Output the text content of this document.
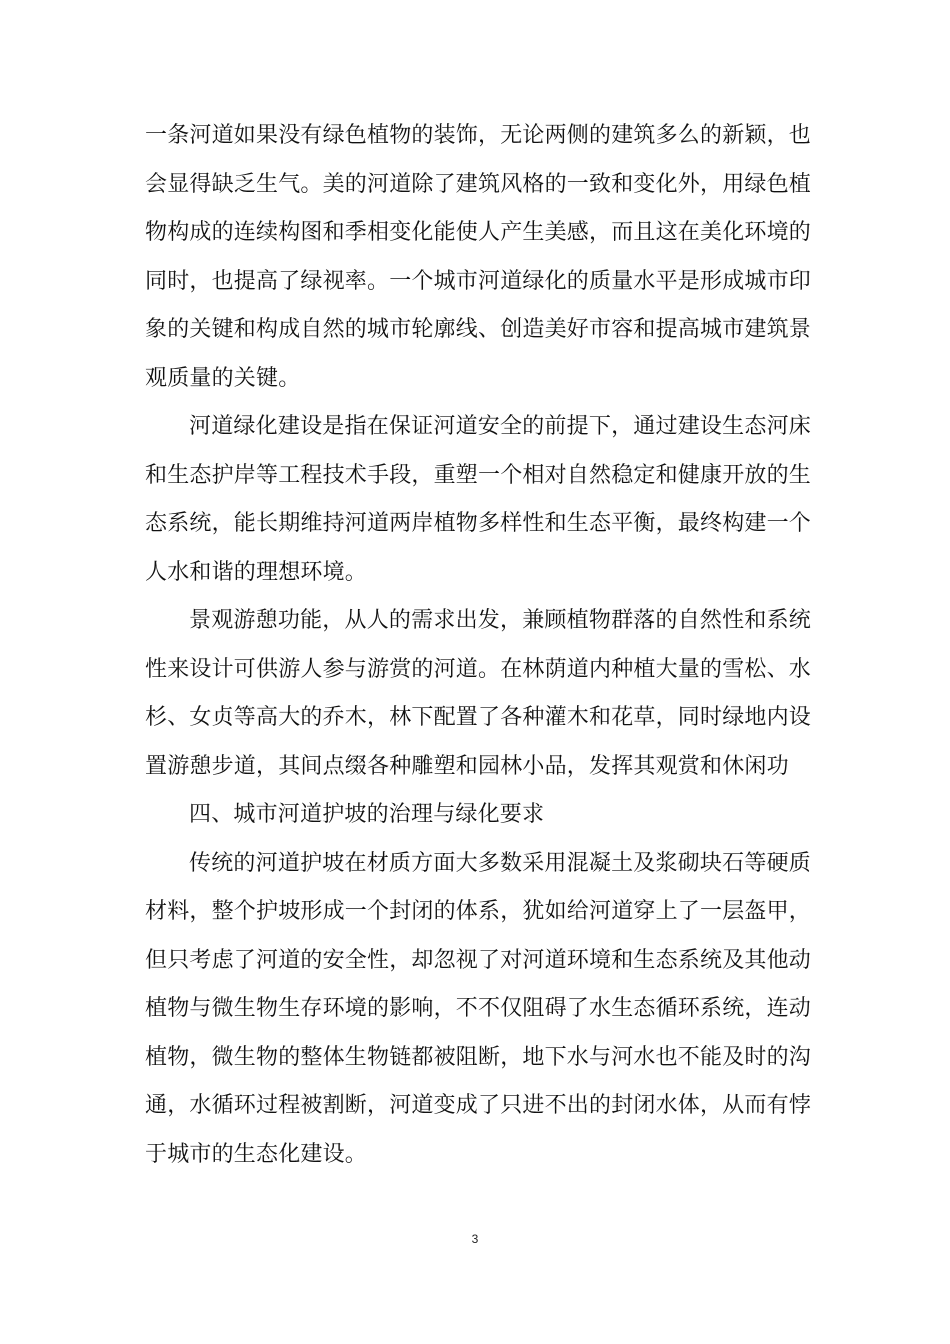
一条河道如果没有绿色植物的装饰，无论两侧的建筑多么的新颖，也会显得缺乏生气。美的河道除了建筑风格的一致和变化外，用绿色植物构成的连续构图和季相变化能使人产生美感，而且这在美化环境的同时，也提高了绿视率。一个城市河道绿化的质量水平是形成城市印象的关键和构成自然的城市轮廓线、创造美好市容和提高城市建筑景观质量的关键。

河道绿化建设是指在保证河道安全的前提下，通过建设生态河床和生态护岸等工程技术手段，重塑一个相对自然稳定和健康开放的生态系统，能长期维持河道两岸植物多样性和生态平衡，最终构建一个人水和谐的理想环境。

景观游憩功能，从人的需求出发，兼顾植物群落的自然性和系统性来设计可供游人参与游赏的河道。在林荫道内种植大量的雪松、水杉、女贞等高大的乔木，林下配置了各种灌木和花草，同时绿地内设置游憩步道，其间点缀各种雕塑和园林小品，发挥其观赏和休闲功

四、城市河道护坡的治理与绿化要求

传统的河道护坡在材质方面大多数采用混凝土及浆砌块石等硬质材料，整个护坡形成一个封闭的体系，犹如给河道穿上了一层盔甲，但只考虑了河道的安全性，却忽视了对河道环境和生态系统及其他动植物与微生物生存环境的影响，不不仅阻碍了水生态循环系统，连动植物，微生物的整体生物链都被阻断，地下水与河水也不能及时的沟通，水循环过程被割断，河道变成了只进不出的封闭水体，从而有悖于城市的生态化建设。

3
